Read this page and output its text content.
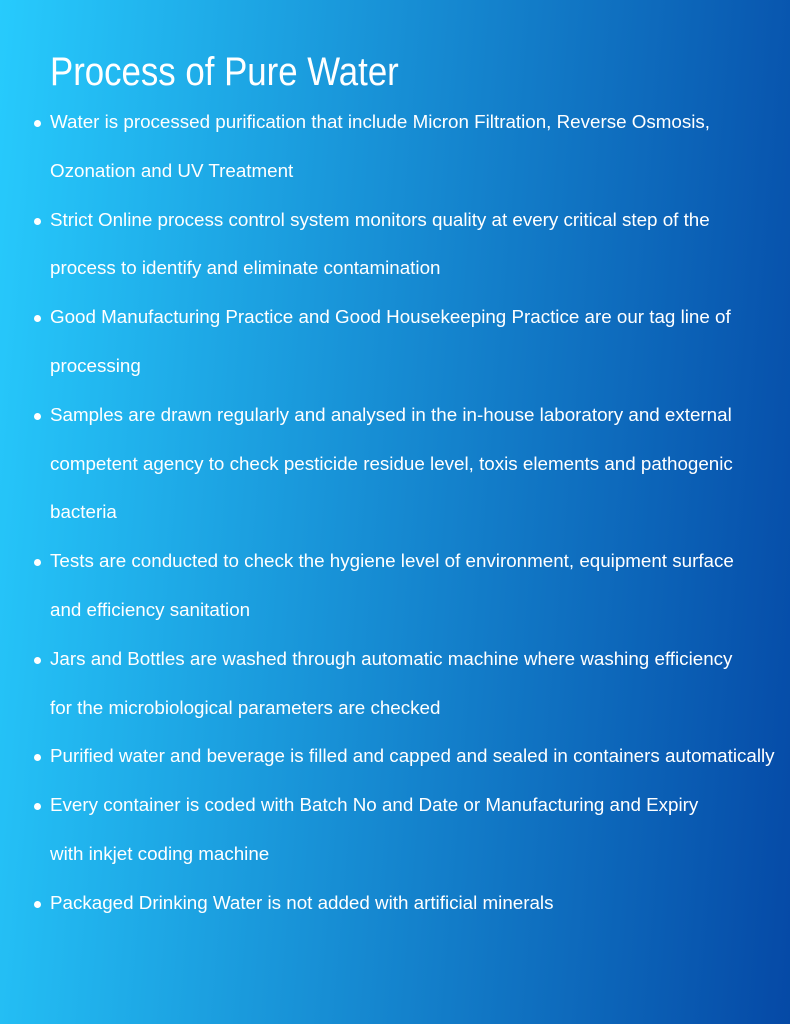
Process of Pure Water
Water is processed purification that include Micron Filtration, Reverse Osmosis,
Ozonation and UV Treatment
Strict Online process control system monitors quality at every critical step of the
process to identify and eliminate contamination
Good Manufacturing Practice and Good Housekeeping Practice are our tag line of
processing
Samples are drawn regularly and analysed in the in-house laboratory and external
competent agency to check pesticide residue level, toxis elements and pathogenic
bacteria
Tests are conducted to check the hygiene level of environment, equipment surface
and efficiency sanitation
Jars and Bottles are washed through automatic machine where washing efficiency
for the microbiological parameters are checked
Purified water and beverage is filled and capped and sealed in containers automatically
Every container is coded with Batch No and Date or Manufacturing and Expiry
with inkjet coding machine
Packaged Drinking Water is not added with artificial minerals
